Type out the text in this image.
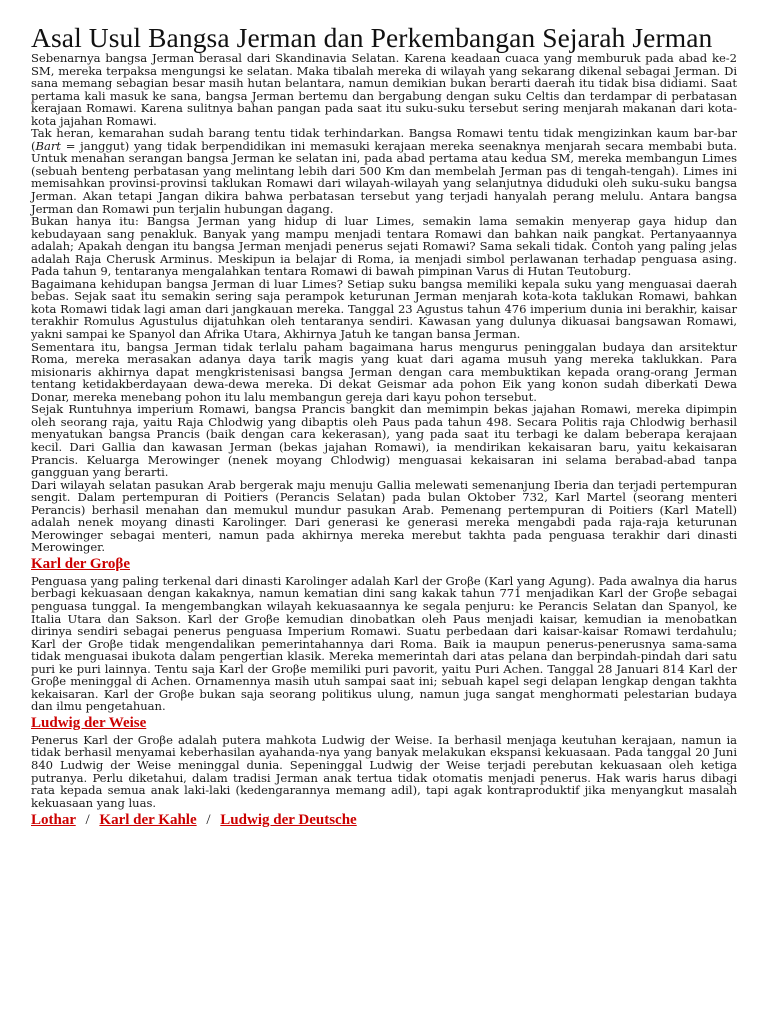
Asal Usul Bangsa Jerman dan Perkembangan Sejarah Jerman

Sebenarnya bangsa Jerman berasal dari Skandinavia Selatan. Karena keadaan cuaca yang memburuk pada abad ke-2 SM, mereka terpaksa mengungsi ke selatan. Maka tibalah mereka di wilayah yang sekarang dikenal sebagai Jerman. Di sana memang sebagian besar masih hutan belantara, namun demikian bukan berarti daerah itu tidak bisa didiami. Saat pertama kali masuk ke sana, bangsa Jerman bertemu dan bergabung dengan suku Celtis dan terdampar di perbatasan kerajaan Romawi. Karena sulitnya bahan pangan pada saat itu suku-suku tersebut sering menjarah makanan dari kota-kota jajahan Romawi.

Tak heran, kemarahan sudah barang tentu tidak terhindarkan. Bangsa Romawi tentu tidak mengizinkan kaum bar-bar (Bart = janggut) yang tidak berpendidikan ini memasuki kerajaan mereka seenaknya menjarah secara membabi buta. Untuk menahan serangan bangsa Jerman ke selatan ini, pada abad pertama atau kedua SM, mereka membangun Limes (sebuah benteng perbatasan yang melintang lebih dari 500 Km dan membelah Jerman pas di tengah-tengah). Limes ini memisahkan provinsi-provinsi taklukan Romawi dari wilayah-wilayah yang selanjutnya diduduki oleh suku-suku bangsa Jerman. Akan tetapi Jangan dikira bahwa perbatasan tersebut yang terjadi hanyalah perang melulu. Antara bangsa Jerman dan Romawi pun terjalin hubungan dagang.

Bukan hanya itu: Bangsa Jerman yang hidup di luar Limes, semakin lama semakin menyerap gaya hidup dan kebudayaan sang penakluk. Banyak yang mampu menjadi tentara Romawi dan bahkan naik pangkat. Pertanyaannya adalah; Apakah dengan itu bangsa Jerman menjadi penerus sejati Romawi? Sama sekali tidak. Contoh yang paling jelas adalah Raja Cherusk Arminus. Meskipun ia belajar di Roma, ia menjadi simbol perlawanan terhadap penguasa asing. Pada tahun 9, tentaranya mengalahkan tentara Romawi di bawah pimpinan Varus di Hutan Teutoburg.

Bagaimana kehidupan bangsa Jerman di luar Limes? Setiap suku bangsa memiliki kepala suku yang menguasai daerah bebas. Sejak saat itu semakin sering saja perampok keturunan Jerman menjarah kota-kota taklukan Romawi, bahkan kota Romawi tidak lagi aman dari jangkauan mereka. Tanggal 23 Agustus tahun 476 imperium dunia ini berakhir, kaisar terakhir Romulus Agustulus dijatuhkan oleh tentaranya sendiri. Kawasan yang dulunya dikuasai bangsawan Romawi, yakni sampai ke Spanyol dan Afrika Utara, Akhirnya Jatuh ke tangan bansa Jerman.

Sementara itu, bangsa Jerman tidak terlalu paham bagaimana harus mengurus peninggalan budaya dan arsitektur Roma, mereka merasakan adanya daya tarik magis yang kuat dari agama musuh yang mereka taklukkan. Para misionaris akhirnya dapat mengkristenisasi bangsa Jerman dengan cara membuktikan kepada orang-orang Jerman tentang ketidakberdayaan dewa-dewa mereka. Di dekat Geismar ada pohon Eik yang konon sudah diberkati Dewa Donar, mereka menebang pohon itu lalu membangun gereja dari kayu pohon tersebut.

Sejak Runtuhnya imperium Romawi, bangsa Prancis bangkit dan memimpin bekas jajahan Romawi, mereka dipimpin oleh seorang raja, yaitu Raja Chlodwig yang dibaptis oleh Paus pada tahun 498. Secara Politis raja Chlodwig berhasil menyatukan bangsa Prancis (baik dengan cara kekerasan), yang pada saat itu terbagi ke dalam beberapa kerajaan kecil. Dari Gallia dan kawasan Jerman (bekas jajahan Romawi), ia mendirikan kekaisaran baru, yaitu kekaisaran Prancis. Keluarga Merowinger (nenek moyang Chlodwig) menguasai kekaisaran ini selama berabad-abad tanpa gangguan yang berarti.

Dari wilayah selatan pasukan Arab bergerak maju menuju Gallia melewati semenanjung Iberia dan terjadi pertempuran sengit. Dalam pertempuran di Poitiers (Perancis Selatan) pada bulan Oktober 732, Karl Martel (seorang menteri Perancis) berhasil menahan dan memukul mundur pasukan Arab. Pemenang pertempuran di Poitiers (Karl Matell) adalah nenek moyang dinasti Karolinger. Dari generasi ke generasi mereka mengabdi pada raja-raja keturunan Merowinger sebagai menteri, namun pada akhirnya mereka merebut takhta pada penguasa terakhir dari dinasti Merowinger.

Karl der Groβe

Penguasa yang paling terkenal dari dinasti Karolinger adalah Karl der Groβe (Karl yang Agung). Pada awalnya dia harus berbagi kekuasaan dengan kakaknya, namun kematian dini sang kakak tahun 771 menjadikan Karl der Groβe sebagai penguasa tunggal. Ia mengembangkan wilayah kekuasaannya ke segala penjuru: ke Perancis Selatan dan Spanyol, ke Italia Utara dan Sakson. Karl der Groβe kemudian dinobatkan oleh Paus menjadi kaisar, kemudian ia menobatkan dirinya sendiri sebagai penerus penguasa Imperium Romawi. Suatu perbedaan dari kaisar-kaisar Romawi terdahulu; Karl der Groβe tidak mengendalikan pemerintahannya dari Roma. Baik ia maupun penerus-penerusnya sama-sama tidak menguasai ibukota dalam pengertian klasik. Mereka memerintah dari atas pelana dan berpindah-pindah dari satu puri ke puri lainnya. Tentu saja Karl der Groβe memiliki puri pavorit, yaitu Puri Achen. Tanggal 28 Januari 814 Karl der Groβe meninggal di Achen. Ornamennya masih utuh sampai saat ini; sebuah kapel segi delapan lengkap dengan takhta kekaisaran. Karl der Groβe bukan saja seorang politikus ulung, namun juga sangat menghormati pelestarian budaya dan ilmu pengetahuan.

Ludwig der Weise

Penerus Karl der Groβe adalah putera mahkota Ludwig der Weise. Ia berhasil menjaga keutuhan kerajaan, namun ia tidak berhasil menyamai keberhasilan ayahanda-nya yang banyak melakukan ekspansi kekuasaan. Pada tanggal 20 Juni 840 Ludwig der Weise meninggal dunia. Sepeninggal Ludwig der Weise terjadi perebutan kekuasaan oleh ketiga putranya. Perlu diketahui, dalam tradisi Jerman anak tertua tidak otomatis menjadi penerus. Hak waris harus dibagi rata kepada semua anak laki-laki (kedengarannya memang adil), tapi agak kontraproduktif jika menyangkut masalah kekuasaan yang luas.

Lothar / Karl der Kahle / Ludwig der Deutsche
